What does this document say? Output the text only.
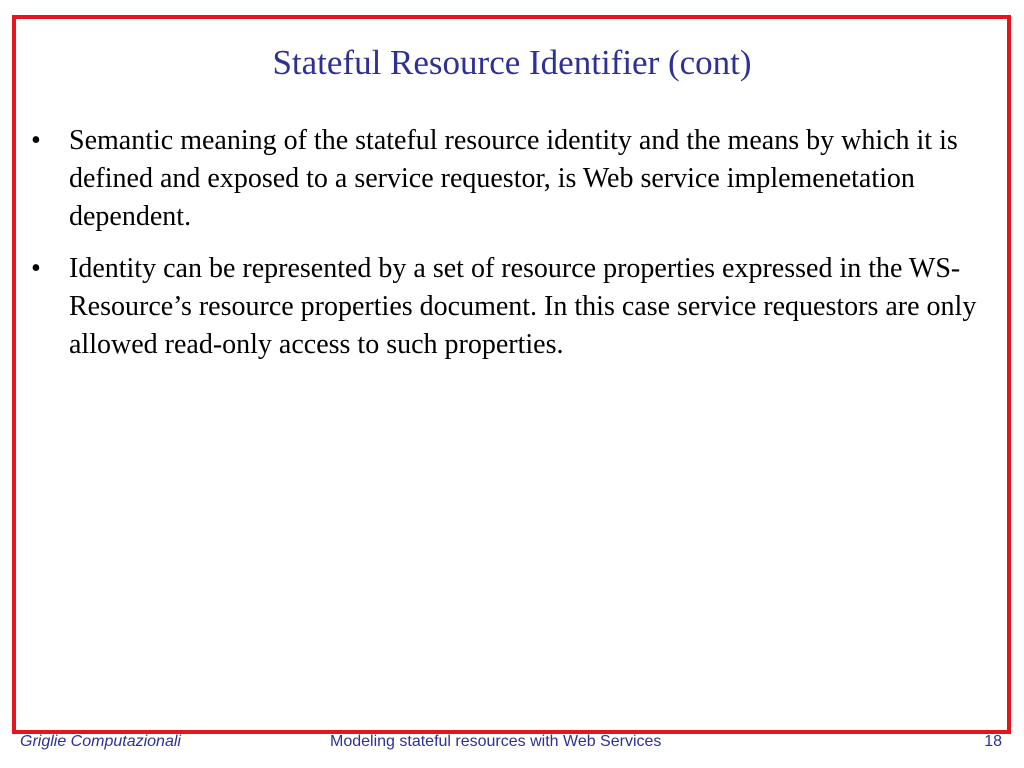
Stateful Resource Identifier (cont)
• Semantic meaning of the stateful resource identity and the means by which it is defined and exposed to a service requestor, is Web service implemenetation dependent.
• Identity can be represented by a set of resource properties expressed in the WS-Resource’s resource properties document. In this case service requestors are only allowed read-only access to such properties.
Griglie Computazionali	Modeling stateful resources with Web Services	18
